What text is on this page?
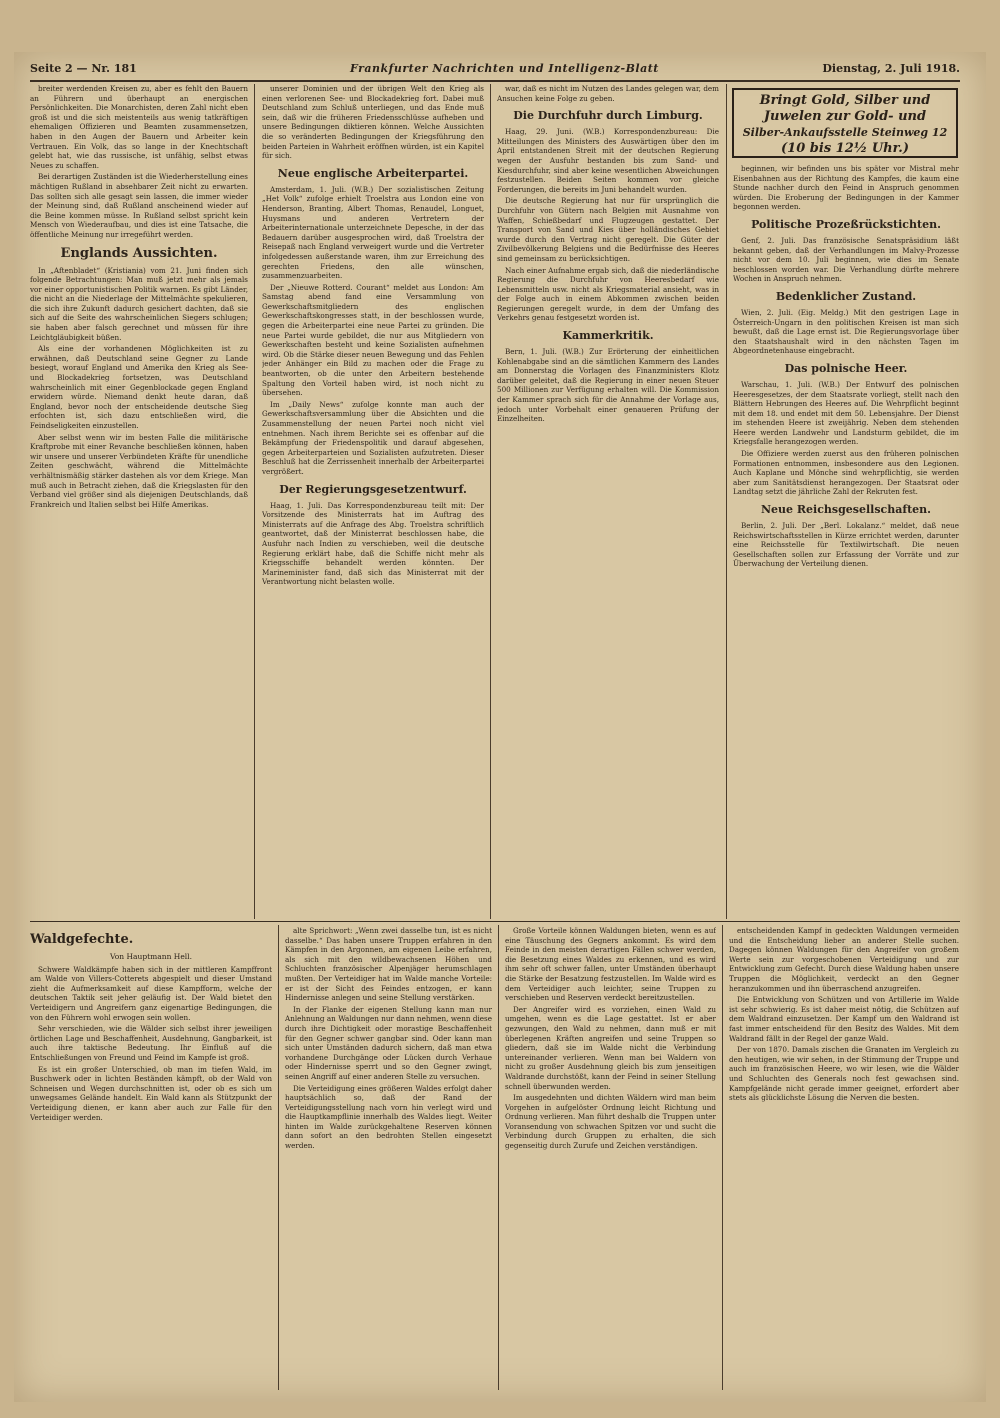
Seite 2 — Nr. 181	Frankfurter Nachrichten und Intelligenz-Blatt	Dienstag, 2. Juli 1918.

breiter werdenden Kreisen zu, aber es fehlt den Bauern an Führern und überhaupt an energischen Persönlichkeiten. Die Monarchisten, deren Zahl nicht eben groß ist und die sich meistenteils aus wenig tatkräftigen ehemaligen Offizieren und Beamten zusammensetzen, haben in den Augen der Bauern und Arbeiter kein Vertrauen. Ein Volk, das so lange in der Knechtschaft gelebt hat, wie das russische, ist unfähig, selbst etwas Neues zu schaffen.

Bei derartigen Zuständen ist die Wiederherstellung eines mächtigen Rußland in absehbarer Zeit nicht zu erwarten. Das sollten sich alle gesagt sein lassen, die immer wieder der Meinung sind, daß Rußland anscheinend wieder auf die Beine kommen müsse. In Rußland selbst spricht kein Mensch von Wiederaufbau, und dies ist eine Tatsache, die öffentliche Meinung nur irregeführt werden.

Englands Aussichten.

In „Aftenbladet“ (Kristiania) vom 21. Juni finden sich folgende Betrachtungen: Man muß jetzt mehr als jemals vor einer opportunistischen Politik warnen. Es gibt Länder, die nicht an die Niederlage der Mittelmächte spekulieren, die sich ihre Zukunft dadurch gesichert dachten, daß sie sich auf die Seite des wahrscheinlichen Siegers schlugen; sie haben aber falsch gerechnet und müssen für ihre Leichtgläubigkeit büßen.

Als eine der vorhandenen Möglichkeiten ist zu erwähnen, daß Deutschland seine Gegner zu Lande besiegt, worauf England und Amerika den Krieg als See- und Blockadekrieg fortsetzen, was Deutschland wahrscheinlich mit einer Gegenblockade gegen England erwidern würde. Niemand denkt heute daran, daß England, bevor noch der entscheidende deutsche Sieg erfochten ist, sich dazu entschließen wird, die Feindseligkeiten einzustellen.

Aber selbst wenn wir im besten Falle die militärische Kraftprobe mit einer Revanche beschließen können, haben wir unsere und unserer Verbündeten Kräfte für unendliche Zeiten geschwächt, während die Mittelmächte verhältnismäßig stärker dastehen als vor dem Kriege. Man muß auch in Betracht ziehen, daß die Kriegslasten für den Verband viel größer sind als diejenigen Deutschlands, daß Frankreich und Italien selbst bei Hilfe Amerikas.

unserer Dominien und der übrigen Welt den Krieg als einen verlorenen See- und Blockadekrieg fort. Dabei muß Deutschland zum Schluß unterliegen, und das Ende muß sein, daß wir die früheren Friedensschlüsse aufheben und unsere Bedingungen diktieren können. Welche Aussichten die so veränderten Bedingungen der Kriegsführung den beiden Parteien in Wahrheit eröffnen würden, ist ein Kapitel für sich.

Neue englische Arbeiterpartei.

Amsterdam, 1. Juli. (W.B.) Der sozialistischen Zeitung „Het Volk“ zufolge erhielt Troelstra aus London eine von Henderson, Branting, Albert Thomas, Renaudel, Longuet, Huysmans und anderen Vertretern der Arbeiterinternationale unterzeichnete Depesche, in der das Bedauern darüber ausgesprochen wird, daß Troelstra der Reisepaß nach England verweigert wurde und die Vertreter infolgedessen außerstande waren, ihm zur Erreichung des gerechten Friedens, den alle wünschen, zusammenzuarbeiten.

Der „Nieuwe Rotterd. Courant“ meldet aus London: Am Samstag abend fand eine Versammlung von Gewerkschaftsmitgliedern des englischen Gewerkschaftskongresses statt, in der beschlossen wurde, gegen die Arbeiterpartei eine neue Partei zu gründen. Die neue Partei wurde gebildet, die nur aus Mitgliedern von Gewerkschaften besteht und keine Sozialisten aufnehmen wird. Ob die Stärke dieser neuen Bewegung und das Fehlen jeder Anhänger ein Bild zu machen oder die Frage zu beantworten, ob die unter den Arbeitern bestehende Spaltung den Vorteil haben wird, ist noch nicht zu übersehen.

Im „Daily News“ zufolge konnte man auch der Gewerkschaftsversammlung über die Absichten und die Zusammenstellung der neuen Partei noch nicht viel entnehmen. Nach ihrem Berichte sei es offenbar auf die Bekämpfung der Friedenspolitik und darauf abgesehen, gegen Arbeiterparteien und Sozialisten aufzutreten. Dieser Beschluß hat die Zerrissenheit innerhalb der Arbeiterpartei vergrößert.

Der Regierungsgesetzentwurf.

Haag, 1. Juli. Das Korrespondenzbureau teilt mit: Der Vorsitzende des Ministerrats hat im Auftrag des Ministerrats auf die Anfrage des Abg. Troelstra schriftlich geantwortet, daß der Ministerrat beschlossen habe, die Ausfuhr nach Indien zu verschieben, weil die deutsche Regierung erklärt habe, daß die Schiffe nicht mehr als Kriegsschiffe behandelt werden könnten. Der Marineminister fand, daß sich das Ministerrat mit der Verantwortung nicht belasten wolle.

war, daß es nicht im Nutzen des Landes gelegen war, dem Ansuchen keine Folge zu geben.

Die Durchfuhr durch Limburg.

Haag, 29. Juni. (W.B.) Korrespondenzbureau: Die Mitteilungen des Ministers des Auswärtigen über den im April entstandenen Streit mit der deutschen Regierung wegen der Ausfuhr bestanden bis zum Sand- und Kiesdurchfuhr, sind aber keine wesentlichen Abweichungen festzustellen. Beiden Seiten kommen vor gleiche Forderungen, die bereits im Juni behandelt wurden.

Die deutsche Regierung hat nur für ursprünglich die Durchfuhr von Gütern nach Belgien mit Ausnahme von Waffen, Schießbedarf und Flugzeugen gestattet. Der Transport von Sand und Kies über holländisches Gebiet wurde durch den Vertrag nicht geregelt. Die Güter der Zivilbevölkerung Belgiens und die Bedürfnisse des Heeres sind gemeinsam zu berücksichtigen.

Nach einer Aufnahme ergab sich, daß die niederländische Regierung die Durchfuhr von Heeresbedarf wie Lebensmitteln usw. nicht als Kriegsmaterial ansieht, was in der Folge auch in einem Abkommen zwischen beiden Regierungen geregelt wurde, in dem der Umfang des Verkehrs genau festgesetzt worden ist.

Kammerkritik.

Bern, 1. Juli. (W.B.) Zur Erörterung der einheitlichen Kohlenabgabe sind an die sämtlichen Kammern des Landes am Donnerstag die Vorlagen des Finanzministers Klotz darüber geleitet, daß die Regierung in einer neuen Steuer 500 Millionen zur Verfügung erhalten will. Die Kommission der Kammer sprach sich für die Annahme der Vorlage aus, jedoch unter Vorbehalt einer genaueren Prüfung der Einzelheiten.

Bringt Gold, Silber und
Juwelen zur Gold- und
Silber-Ankaufsstelle Steinweg 12
(10 bis 12½ Uhr.)

beginnen, wir befinden uns bis später vor Mistral mehr Eisenbahnen aus der Richtung des Kampfes, die kaum eine Stunde nachher durch den Feind in Anspruch genommen würden. Die Eroberung der Bedingungen in der Kammer begonnen werden.

Politische Prozeßrückstichten.

Genf, 2. Juli. Das französische Senatspräsidium läßt bekannt geben, daß der Verhandlungen im Malvy-Prozesse nicht vor dem 10. Juli beginnen, wie dies im Senate beschlossen worden war. Die Verhandlung dürfte mehrere Wochen in Anspruch nehmen.

Bedenklicher Zustand.

Wien, 2. Juli. (Eig. Meldg.) Mit den gestrigen Lage in Österreich-Ungarn in den politischen Kreisen ist man sich bewußt, daß die Lage ernst ist. Die Regierungsvorlage über den Staatshaushalt wird in den nächsten Tagen im Abgeordnetenhause eingebracht.

Das polnische Heer.

Warschau, 1. Juli. (W.B.) Der Entwurf des polnischen Heeresgesetzes, der dem Staatsrate vorliegt, stellt nach den Blättern Hebrungen des Heeres auf. Die Wehrpflicht beginnt mit dem 18. und endet mit dem 50. Lebensjahre. Der Dienst im stehenden Heere ist zweijährig. Neben dem stehenden Heere werden Landwehr und Landsturm gebildet, die im Kriegsfalle herangezogen werden.

Die Offiziere werden zuerst aus den früheren polnischen Formationen entnommen, insbesondere aus den Legionen. Auch Kaplane und Mönche sind wehrpflichtig, sie werden aber zum Sanitätsdienst herangezogen. Der Staatsrat oder Landtag setzt die jährliche Zahl der Rekruten fest.

Neue Reichsgesellschaften.

Berlin, 2. Juli. Der „Berl. Lokalanz.“ meldet, daß neue Reichswirtschaftsstellen in Kürze errichtet werden, darunter eine Reichsstelle für Textilwirtschaft. Die neuen Gesellschaften sollen zur Erfassung der Vorräte und zur Überwachung der Verteilung dienen.

Waldgefechte.
Von Hauptmann Hell.

Schwere Waldkämpfe haben sich in der mittleren Kampffront am Walde von Villers-Cotterets abgespielt und dieser Umstand zieht die Aufmerksamkeit auf diese Kampfform, welche der deutschen Taktik seit jeher geläufig ist. Der Wald bietet den Verteidigern und Angreifern ganz eigenartige Bedingungen, die von den Führern wohl erwogen sein wollen.

Sehr verschieden, wie die Wälder sich selbst ihrer jeweiligen örtlichen Lage und Beschaffenheit, Ausdehnung, Gangbarkeit, ist auch ihre taktische Bedeutung. Ihr Einfluß auf die Entschließungen von Freund und Feind im Kampfe ist groß.

Es ist ein großer Unterschied, ob man im tiefen Wald, im Buschwerk oder in lichten Beständen kämpft, ob der Wald von Schneisen und Wegen durchschnitten ist, oder ob es sich um unwegsames Gelände handelt. Ein Wald kann als Stützpunkt der Verteidigung dienen, er kann aber auch zur Falle für den Verteidiger werden.

alte Sprichwort: „Wenn zwei dasselbe tun, ist es nicht dasselbe.“ Das haben unsere Truppen erfahren in den Kämpfen in den Argonnen, am eigenen Leibe erfahren, als sich mit den wildbewachsenen Höhen und Schluchten französischer Alpenjäger herumschlagen mußten. Der Verteidiger hat im Walde manche Vorteile: er ist der Sicht des Feindes entzogen, er kann Hindernisse anlegen und seine Stellung verstärken.

In der Flanke der eigenen Stellung kann man nur Anlehnung an Waldungen nur dann nehmen, wenn diese durch ihre Dichtigkeit oder morastige Beschaffenheit für den Gegner schwer gangbar sind. Oder kann man sich unter Umständen dadurch sichern, daß man etwa vorhandene Durchgänge oder Lücken durch Verhaue oder Hindernisse sperrt und so den Gegner zwingt, seinen Angriff auf einer anderen Stelle zu versuchen.

Die Verteidigung eines größeren Waldes erfolgt daher hauptsächlich so, daß der Rand der Verteidigungsstellung nach vorn hin verlegt wird und die Hauptkampflinie innerhalb des Waldes liegt. Weiter hinten im Walde zurückgehaltene Reserven können dann sofort an den bedrohten Stellen eingesetzt werden.

Große Vorteile können Waldungen bieten, wenn es auf eine Täuschung des Gegners ankommt. Es wird dem Feinde in den meisten derartigen Fällen schwer werden, die Besetzung eines Waldes zu erkennen, und es wird ihm sehr oft schwer fallen, unter Umständen überhaupt die Stärke der Besatzung festzustellen. Im Walde wird es dem Verteidiger auch leichter, seine Truppen zu verschieben und Reserven verdeckt bereitzustellen.

Der Angreifer wird es vorziehen, einen Wald zu umgehen, wenn es die Lage gestattet. Ist er aber gezwungen, den Wald zu nehmen, dann muß er mit überlegenen Kräften angreifen und seine Truppen so gliedern, daß sie im Walde nicht die Verbindung untereinander verlieren. Wenn man bei Waldern von nicht zu großer Ausdehnung gleich bis zum jenseitigen Waldrande durchstößt, kann der Feind in seiner Stellung schnell überwunden werden.

Im ausgedehnten und dichten Wäldern wird man beim Vorgehen in aufgelöster Ordnung leicht Richtung und Ordnung verlieren. Man führt deshalb die Truppen unter Voransendung von schwachen Spitzen vor und sucht die Verbindung durch Gruppen zu erhalten, die sich gegenseitig durch Zurufe und Zeichen verständigen.

entscheidenden Kampf in gedeckten Waldungen vermeiden und die Entscheidung lieber an anderer Stelle suchen. Dagegen können Waldungen für den Angreifer von großem Werte sein zur vorgeschobenen Verteidigung und zur Entwicklung zum Gefecht. Durch diese Waldung haben unsere Truppen die Möglichkeit, verdeckt an den Gegner heranzukommen und ihn überraschend anzugreifen.

Die Entwicklung von Schützen und von Artillerie im Walde ist sehr schwierig. Es ist daher meist nötig, die Schützen auf dem Waldrand einzusetzen. Der Kampf um den Waldrand ist fast immer entscheidend für den Besitz des Waldes. Mit dem Waldrand fällt in der Regel der ganze Wald.

Der von 1870. Damals zischen die Granaten im Vergleich zu den heutigen, wie wir sehen, in der Stimmung der Truppe und auch im französischen Heere, wo wir lesen, wie die Wälder und Schluchten des Generals noch fest gewachsen sind. Kampfgelände nicht gerade immer geeignet, erfordert aber stets als glücklichste Lösung die Nerven die besten.
